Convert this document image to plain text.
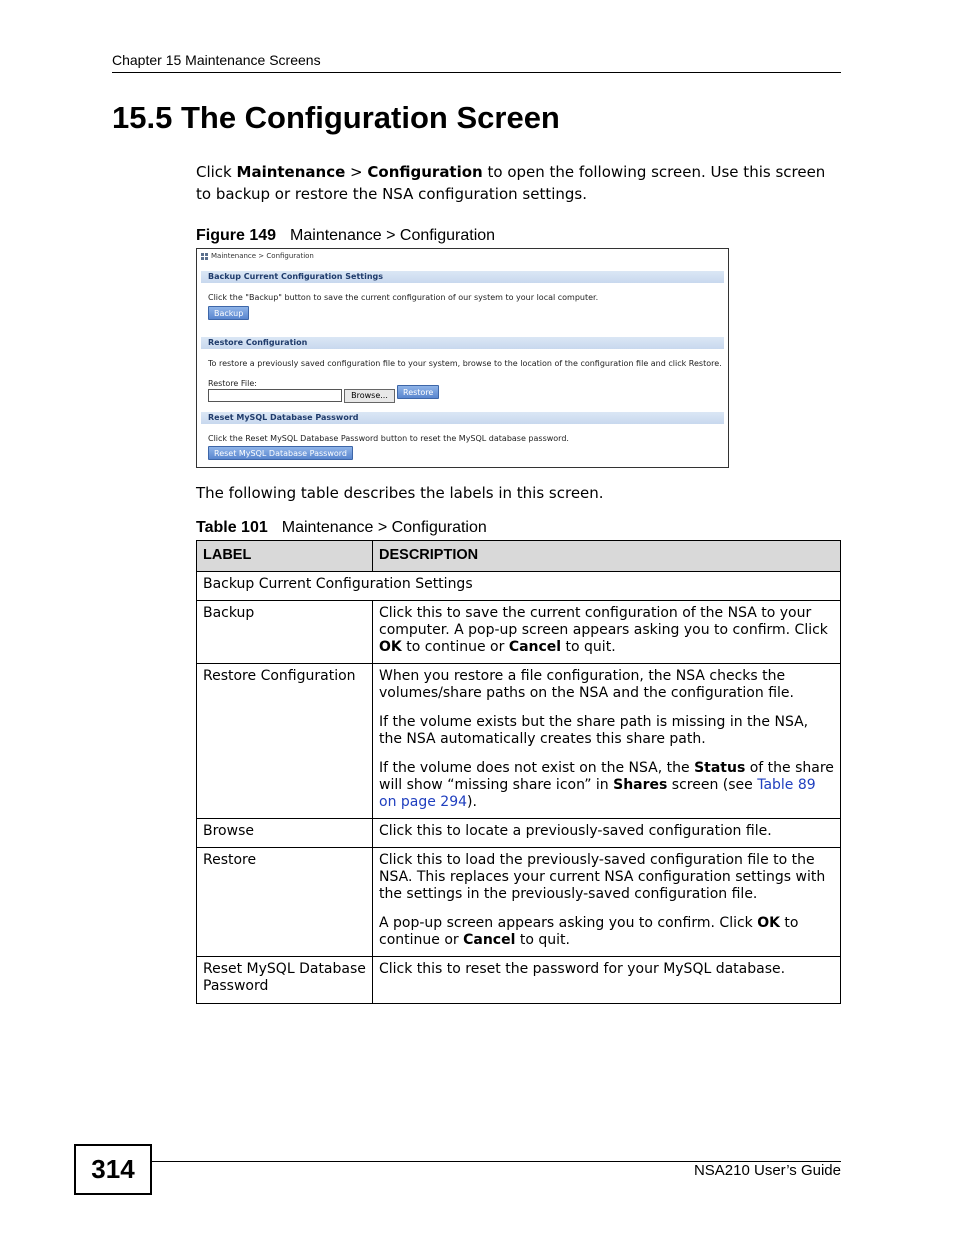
Chapter 15 Maintenance Screens
15.5 The Configuration Screen
Click Maintenance > Configuration to open the following screen. Use this screen to backup or restore the NSA configuration settings.
Figure 149 Maintenance > Configuration
Maintenance > Configuration
Backup Current Configuration Settings
Click the "Backup" button to save the current configuration of our system to your local computer.
Backup
Restore Configuration
To restore a previously saved configuration file to your system, browse to the location of the configuration file and click Restore.
Restore File:
Browse...	Restore
Reset MySQL Database Password
Click the Reset MySQL Database Password button to reset the MySQL database password.
Reset MySQL Database Password
The following table describes the labels in this screen.
Table 101 Maintenance > Configuration
LABEL	DESCRIPTION
Backup Current Configuration Settings	
Backup	Click this to save the current configuration of the NSA to your computer. A pop-up screen appears asking you to confirm. Click OK to continue or Cancel to quit.
Restore Configuration	When you restore a file configuration, the NSA checks the volumes/share paths on the NSA and the configuration file.

If the volume exists but the share path is missing in the NSA, the NSA automatically creates this share path.

If the volume does not exist on the NSA, the Status of the share will show “missing share icon” in Shares screen (see Table 89 on page 294).

Browse	Click this to locate a previously-saved configuration file.
Restore	Click this to load the previously-saved configuration file to the NSA. This replaces your current NSA configuration settings with the settings in the previously-saved configuration file.

A pop-up screen appears asking you to confirm. Click OK to continue or Cancel to quit.

Reset MySQL Database Password	Click this to reset the password for your MySQL database.
314	NSA210 User’s Guide
